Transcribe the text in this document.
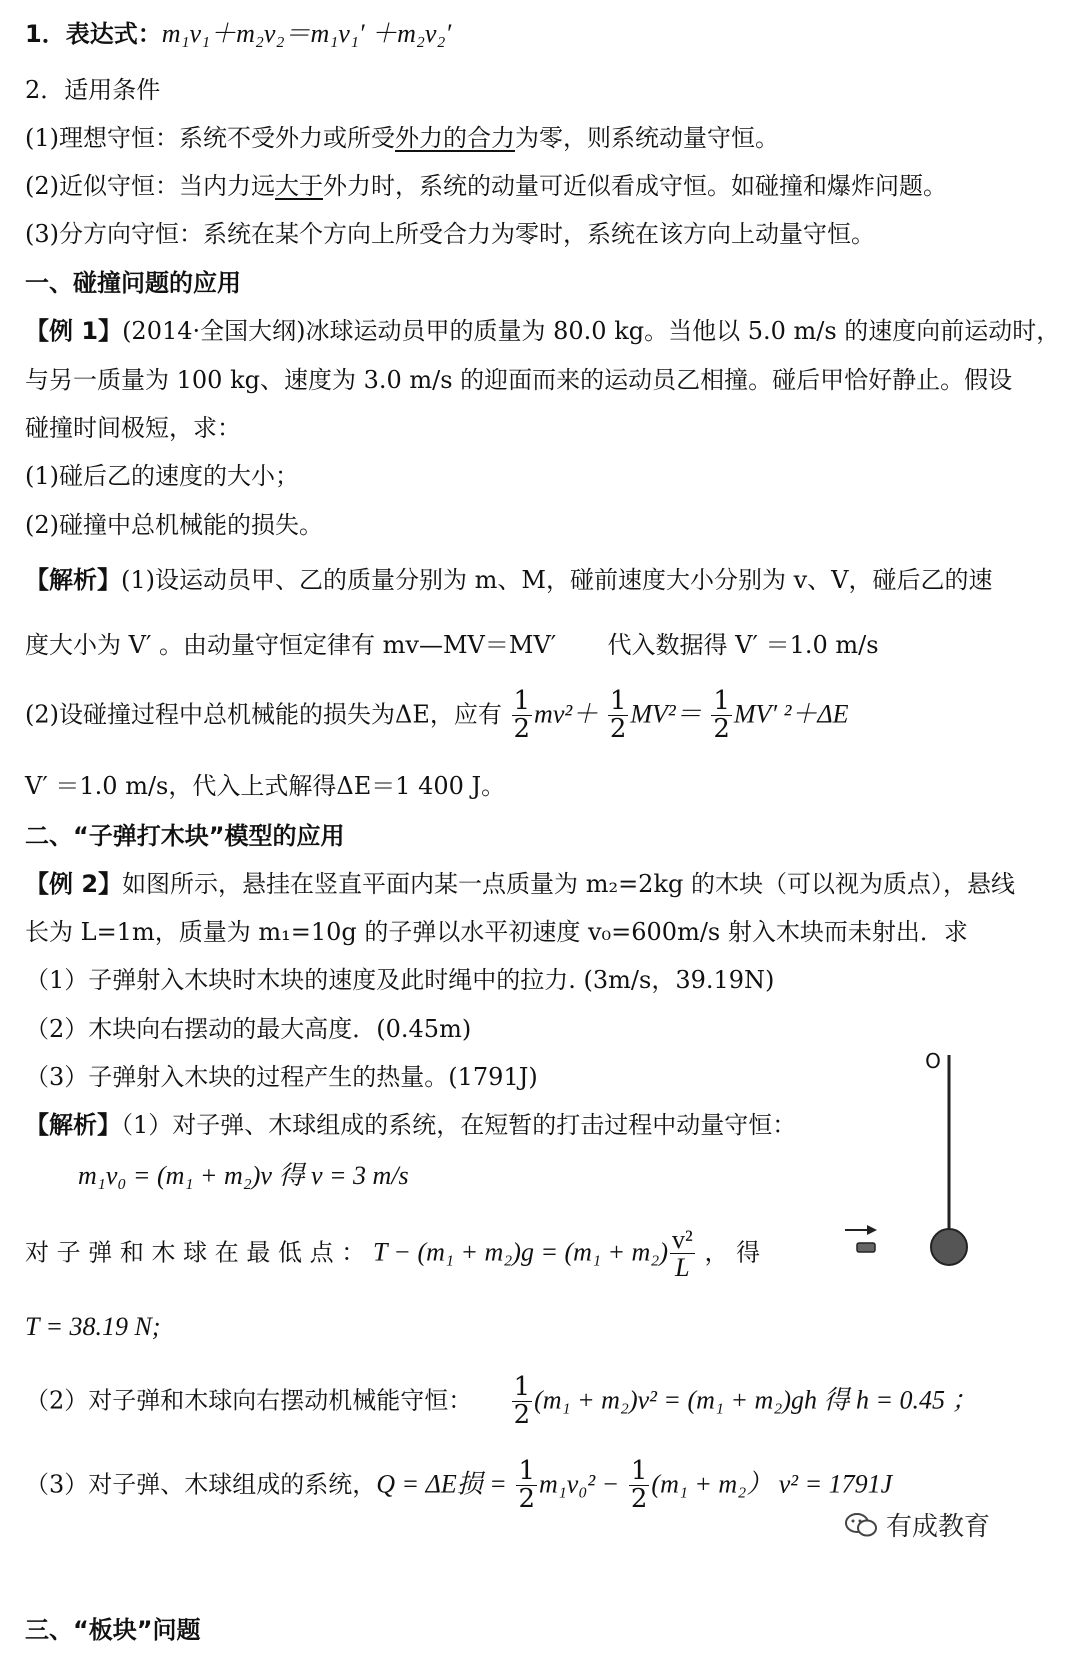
1．表达式：m₁v₁＋m₂v₂＝m₁v₁′ ＋m₂v₂′
2．适用条件
(1)理想守恒：系统不受外力或所受外力的合力为零，则系统动量守恒。
(2)近似守恒：当内力远大于外力时，系统的动量可近似看成守恒。如碰撞和爆炸问题。
(3)分方向守恒：系统在某个方向上所受合力为零时，系统在该方向上动量守恒。
一、碰撞问题的应用
【例 1】(2014·全国大纲)冰球运动员甲的质量为 80.0 kg。当他以 5.0 m/s 的速度向前运动时，
与另一质量为 100 kg、速度为 3.0 m/s 的迎面而来的运动员乙相撞。碰后甲恰好静止。假设
碰撞时间极短，求：
(1)碰后乙的速度的大小；
(2)碰撞中总机械能的损失。
【解析】(1)设运动员甲、乙的质量分别为 m、M，碰前速度大小分别为 v、V，碰后乙的速
度大小为 V′ 。由动量守恒定律有 mv—MV＝MV′ 代入数据得 V′ ＝1.0 m/s
(2)设碰撞过程中总机械能的损失为ΔE，应有 $\frac{1}{2} mv^2+ \frac{1}{2} MV^2= \frac{1}{2} MV'$ ²＋ΔE
V′ ＝1.0 m/s，代入上式解得ΔE＝1 400 J。
二、“子弹打木块”模型的应用
【例 2】如图所示，悬挂在竖直平面内某一点质量为 m₂=2kg 的木块（可以视为质点），悬线
长为 L=1m，质量为 m₁=10g 的子弹以水平初速度 v₀=600m/s 射入木块而未射出．求
（1）子弹射入木块时木块的速度及此时绳中的拉力. (3m/s，39.19N)
（2）木块向右摆动的最大高度．(0.45m)
（3）子弹射入木块的过程产生的热量。(1791J)
【解析】（1）对子弹、木球组成的系统，在短暂的打击过程中动量守恒：
m₁v₀ = (m₁ + m₂)v 得 v = 3 m/s
对 子 弹 和 木 球 在 最 低 点 ： $T - (m_1 + m_2)g = (m_1 + m_2) \frac{\text{v²}}{L}$ ， 得
T = 38.19 N;
（2）对子弹和木球向右摆动机械能守恒： $\frac{1}{2} (m_1 + m_2)v^2 = (m_1 + m_2)gh$ 得 h = 0.45 ；
（3）对子弹、木球组成的系统，Q = ΔE损 = $\frac{1}{2} m_1v_0^2 - \frac{1}{2} (m_1 + m_2)$ v² = 1791J
三、“板块”问题
O
有成教育
